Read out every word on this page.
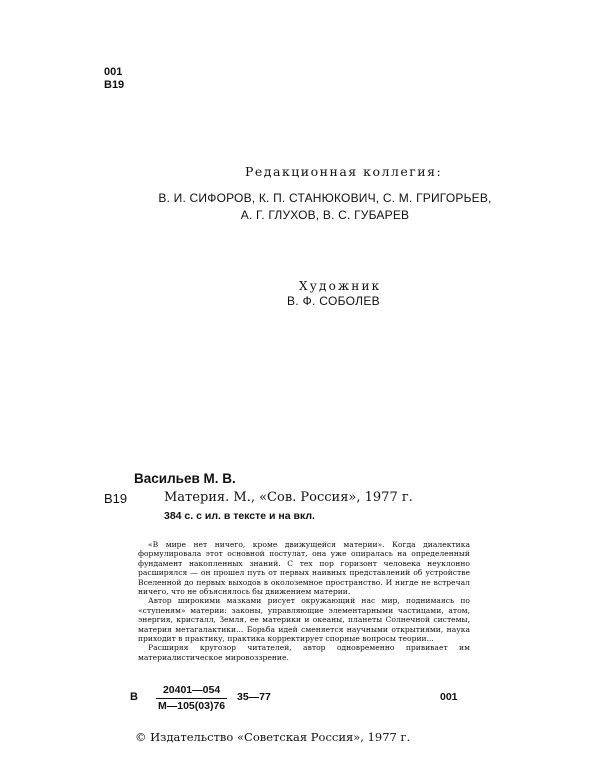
001
В19
Редакционная коллегия:
В. И. СИФОРОВ, К. П. СТАНЮКОВИЧ, С. М. ГРИГОРЬЕВ,
А. Г. ГЛУХОВ, В. С. ГУБАРЕВ
Художник
В. Ф. СОБОЛЕВ
Васильев М. В.
В19	Материя. М., «Сов. Россия», 1977 г.
384 с. с ил. в тексте и на вкл.

«В мире нет ничего, кроме движущейся материи». Когда диалектика формулировала этот основной постулат, она уже опиралась на определенный фундамент накопленных знаний. С тех пор горизонт человека неуклонно расширялся — он прошел путь от первых наивных представлений об устройстве Вселенной до первых выходов в околоземное пространство. И нигде не встречал ничего, что не объяснялось бы движением материи.

Автор широкими мазками рисует окружающий нас мир, поднимаясь по «ступеням» материи: законы, управляющие элементарными частицами, атом, энергия, кристалл, Земля, ее материки и океаны, планеты Солнечной системы, материя метагалактики... Борьба идей сменяется научными открытиями, наука приходит в практику, практика корректирует спорные вопросы теории...

Расширяя кругозор читателей, автор одновременно прививает им материалистическое мировоззрение.

В
20401—054
М—105(03)76
35—77	001
© Издательство «Советская Россия», 1977 г.
